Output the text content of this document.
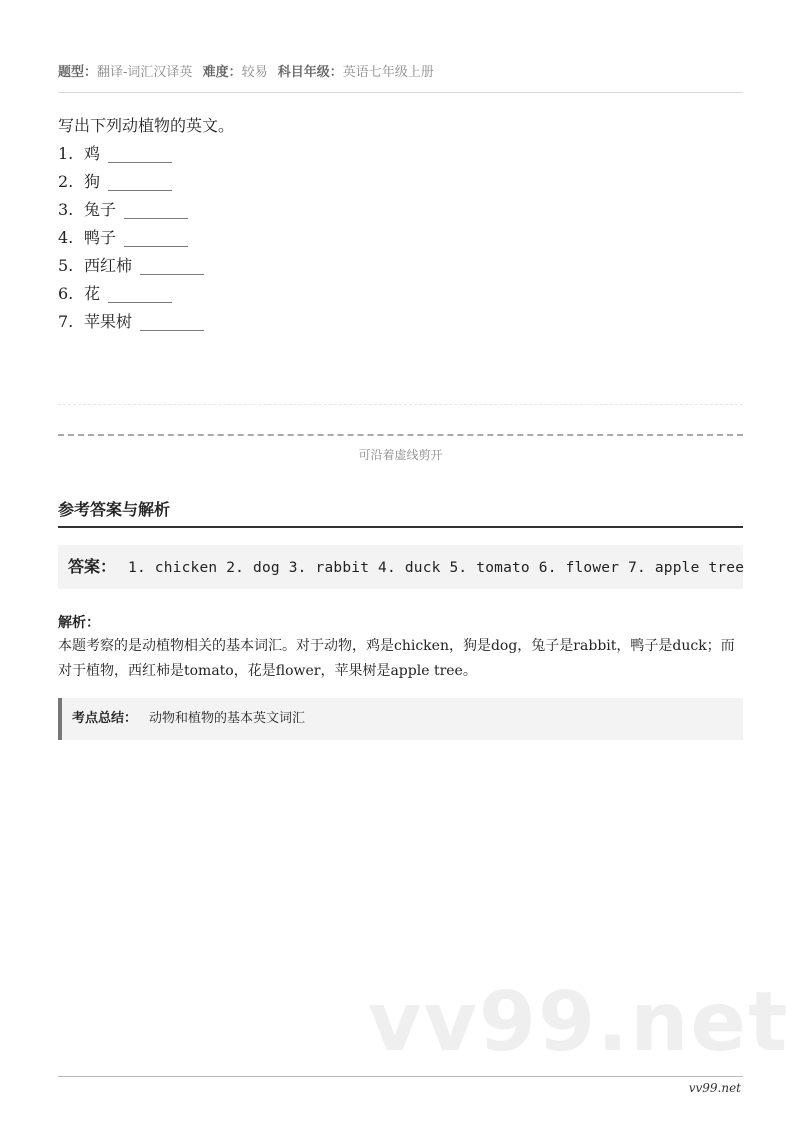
题型：翻译-词汇汉译英 难度：较易 科目年级：英语七年级上册
写出下列动植物的英文。
1. 鸡 ________
2. 狗 ________
3. 兔子 ________
4. 鸭子 ________
5. 西红柿 ________
6. 花 ________
7. 苹果树 ________
可沿着虚线剪开
参考答案与解析
答案： 1. chicken 2. dog 3. rabbit 4. duck 5. tomato 6. flower 7. apple tree
解析：
本题考察的是动植物相关的基本词汇。对于动物，鸡是chicken，狗是dog，兔子是rabbit，鸭子是duck；而对于植物，西红柿是tomato，花是flower，苹果树是apple tree。
考点总结： 动物和植物的基本英文词汇
vv99.net
vv99.net
